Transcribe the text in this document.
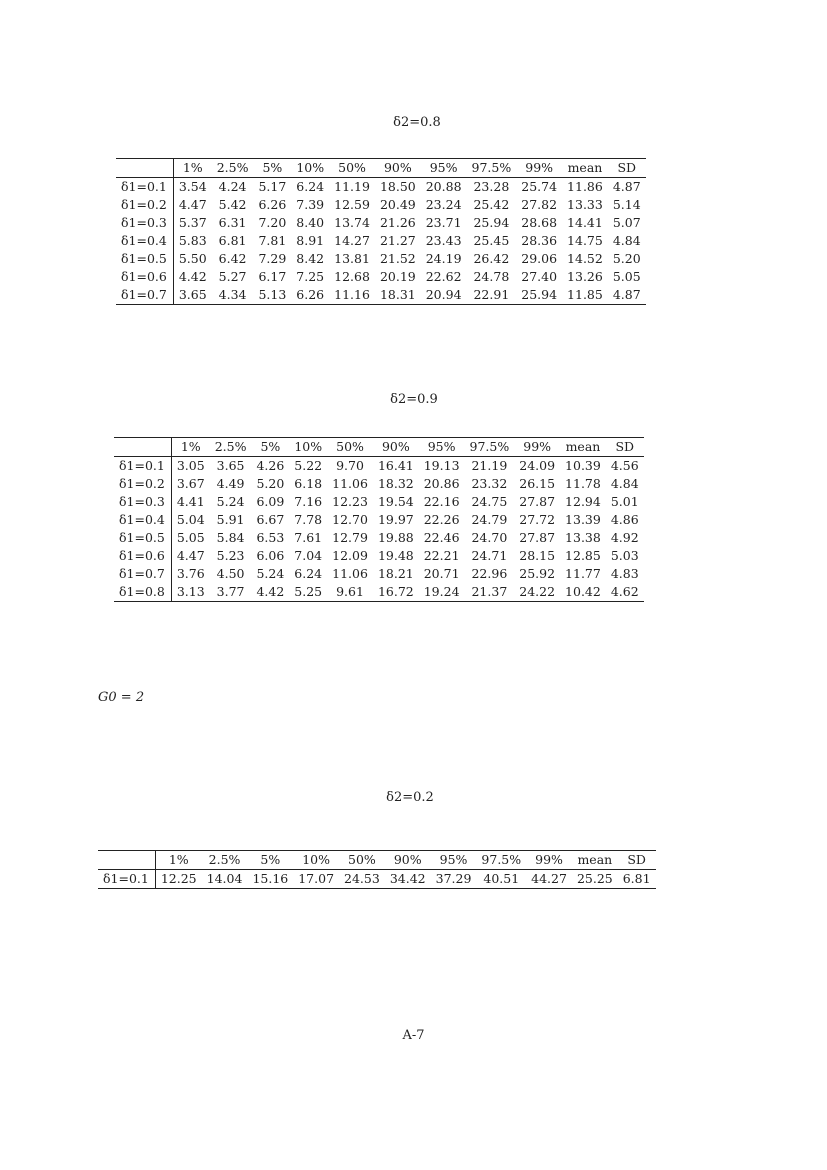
δ2=0.8
	1%	2.5%	5%	10%	50%	90%	95%	97.5%	99%	mean	SD
δ1=0.1	3.54	4.24	5.17	6.24	11.19	18.50	20.88	23.28	25.74	11.86	4.87
δ1=0.2	4.47	5.42	6.26	7.39	12.59	20.49	23.24	25.42	27.82	13.33	5.14
δ1=0.3	5.37	6.31	7.20	8.40	13.74	21.26	23.71	25.94	28.68	14.41	5.07
δ1=0.4	5.83	6.81	7.81	8.91	14.27	21.27	23.43	25.45	28.36	14.75	4.84
δ1=0.5	5.50	6.42	7.29	8.42	13.81	21.52	24.19	26.42	29.06	14.52	5.20
δ1=0.6	4.42	5.27	6.17	7.25	12.68	20.19	22.62	24.78	27.40	13.26	5.05
δ1=0.7	3.65	4.34	5.13	6.26	11.16	18.31	20.94	22.91	25.94	11.85	4.87
δ2=0.9
	1%	2.5%	5%	10%	50%	90%	95%	97.5%	99%	mean	SD
δ1=0.1	3.05	3.65	4.26	5.22	9.70	16.41	19.13	21.19	24.09	10.39	4.56
δ1=0.2	3.67	4.49	5.20	6.18	11.06	18.32	20.86	23.32	26.15	11.78	4.84
δ1=0.3	4.41	5.24	6.09	7.16	12.23	19.54	22.16	24.75	27.87	12.94	5.01
δ1=0.4	5.04	5.91	6.67	7.78	12.70	19.97	22.26	24.79	27.72	13.39	4.86
δ1=0.5	5.05	5.84	6.53	7.61	12.79	19.88	22.46	24.70	27.87	13.38	4.92
δ1=0.6	4.47	5.23	6.06	7.04	12.09	19.48	22.21	24.71	28.15	12.85	5.03
δ1=0.7	3.76	4.50	5.24	6.24	11.06	18.21	20.71	22.96	25.92	11.77	4.83
δ1=0.8	3.13	3.77	4.42	5.25	9.61	16.72	19.24	21.37	24.22	10.42	4.62
G0 = 2
δ2=0.2
	1%	2.5%	5%	10%	50%	90%	95%	97.5%	99%	mean	SD
δ1=0.1	12.25	14.04	15.16	17.07	24.53	34.42	37.29	40.51	44.27	25.25	6.81
A-7
